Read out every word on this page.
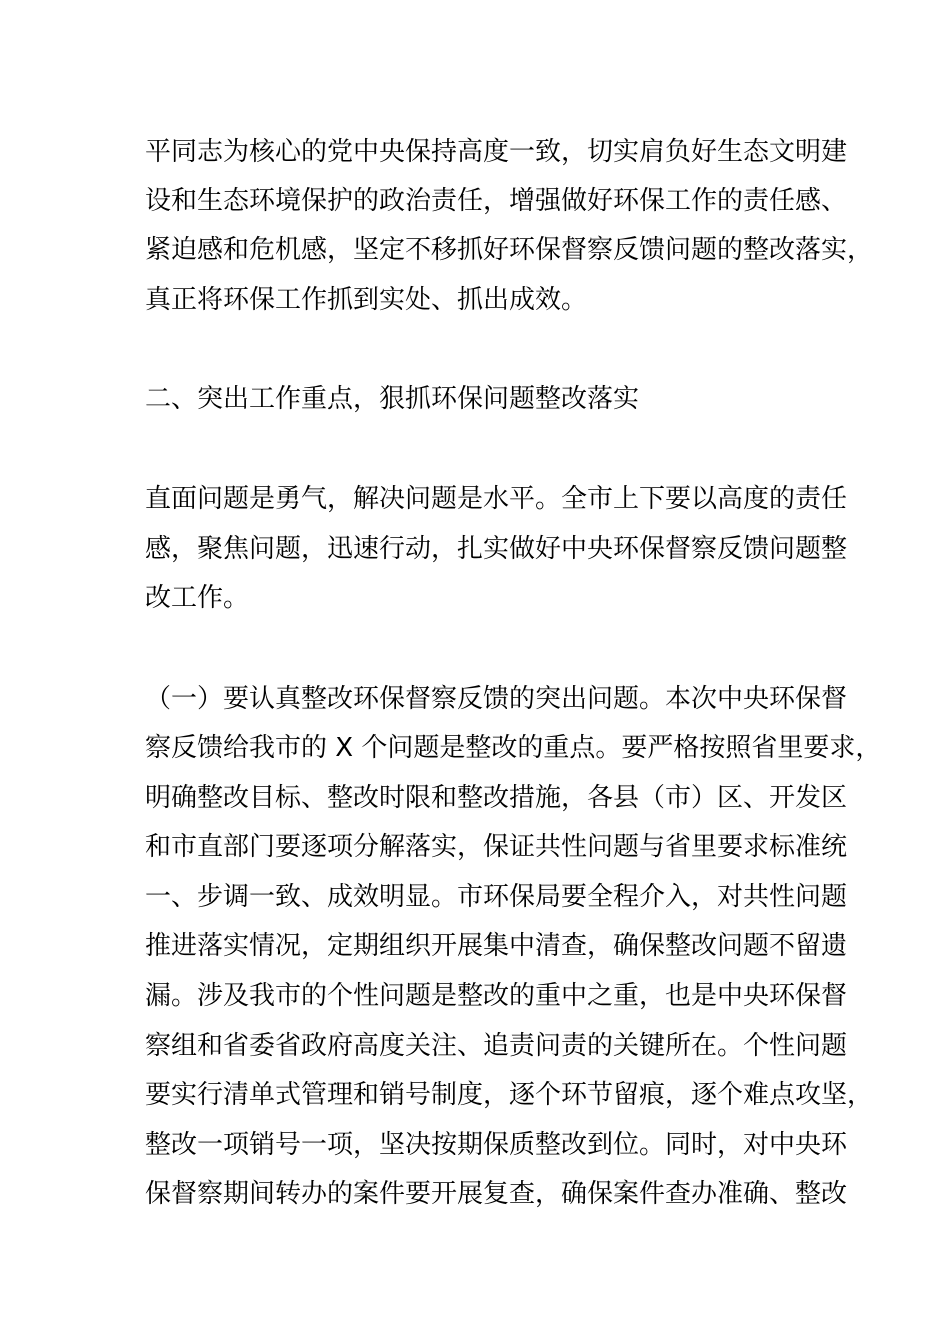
平同志为核心的党中央保持高度一致，切实肩负好生态文明建
设和生态环境保护的政治责任，增强做好环保工作的责任感、
紧迫感和危机感，坚定不移抓好环保督察反馈问题的整改落实，
真正将环保工作抓到实处、抓出成效。
二、突出工作重点，狠抓环保问题整改落实
直面问题是勇气，解决问题是水平。全市上下要以高度的责任
感，聚焦问题，迅速行动，扎实做好中央环保督察反馈问题整
改工作。
（一）要认真整改环保督察反馈的突出问题。本次中央环保督
察反馈给我市的 X 个问题是整改的重点。要严格按照省里要求，
明确整改目标、整改时限和整改措施，各县（市）区、开发区
和市直部门要逐项分解落实，保证共性问题与省里要求标准统
一、步调一致、成效明显。市环保局要全程介入，对共性问题
推进落实情况，定期组织开展集中清查，确保整改问题不留遗
漏。涉及我市的个性问题是整改的重中之重，也是中央环保督
察组和省委省政府高度关注、追责问责的关键所在。个性问题
要实行清单式管理和销号制度，逐个环节留痕，逐个难点攻坚，
整改一项销号一项，坚决按期保质整改到位。同时，对中央环
保督察期间转办的案件要开展复查，确保案件查办准确、整改
